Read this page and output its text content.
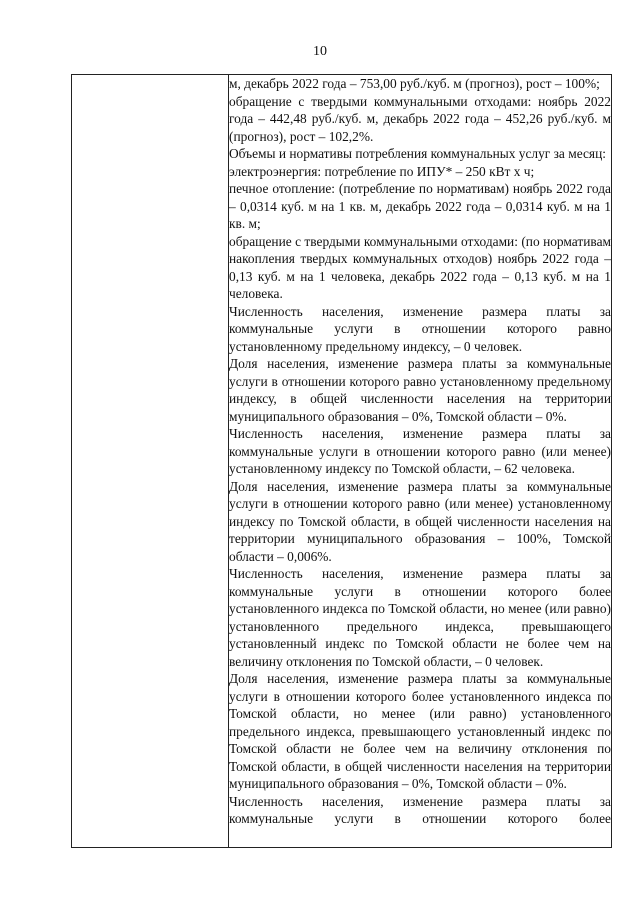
10

м, декабрь 2022 года – 753,00 руб./куб. м (прогноз), рост – 100%;

обращение с твердыми коммунальными отходами: ноябрь 2022 года – 442,48 руб./куб. м, декабрь 2022 года – 452,26 руб./куб. м (прогноз), рост – 102,2%.

Объемы и нормативы потребления коммунальных услуг за месяц:

электроэнергия: потребление по ИПУ* – 250 кВт х ч;

печное отопление: (потребление по нормативам) ноябрь 2022 года – 0,0314 куб. м на 1 кв. м, декабрь 2022 года – 0,0314 куб. м на 1 кв. м;

обращение с твердыми коммунальными отходами: (по нормативам накопления твердых коммунальных отходов) ноябрь 2022 года – 0,13 куб. м на 1 человека, декабрь 2022 года – 0,13 куб. м на 1 человека.

Численность населения, изменение размера платы за коммунальные услуги в отношении которого равно установленному предельному индексу, – 0 человек.

Доля населения, изменение размера платы за коммунальные услуги в отношении которого равно установленному предельному индексу, в общей численности населения на территории муниципального образования – 0%, Томской области – 0%.

Численность населения, изменение размера платы за коммунальные услуги в отношении которого равно (или менее) установленному индексу по Томской области, – 62 человека.

Доля населения, изменение размера платы за коммунальные услуги в отношении которого равно (или менее) установленному индексу по Томской области, в общей численности населения на территории муниципального образования – 100%, Томской области – 0,006%.

Численность населения, изменение размера платы за коммунальные услуги в отношении которого более установленного индекса по Томской области, но менее (или равно) установленного предельного индекса, превышающего установленный индекс по Томской области не более чем на величину отклонения по Томской области, – 0 человек.

Доля населения, изменение размера платы за коммунальные услуги в отношении которого более установленного индекса по Томской области, но менее (или равно) установленного предельного индекса, превышающего установленный индекс по Томской области не более чем на величину отклонения по Томской области, в общей численности населения на территории муниципального образования – 0%, Томской области – 0%.

Численность населения, изменение размера платы за коммунальные услуги в отношении которого более
